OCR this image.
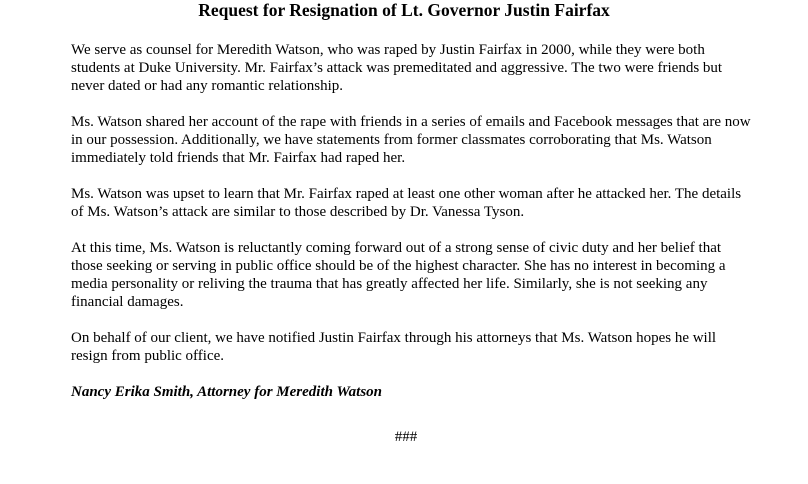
Request for Resignation of Lt. Governor Justin Fairfax

We serve as counsel for Meredith Watson, who was raped by Justin Fairfax in 2000, while they were both students at Duke University. Mr. Fairfax’s attack was premeditated and aggressive. The two were friends but never dated or had any romantic relationship.

Ms. Watson shared her account of the rape with friends in a series of emails and Facebook messages that are now in our possession. Additionally, we have statements from former classmates corroborating that Ms. Watson immediately told friends that Mr. Fairfax had raped her.

Ms. Watson was upset to learn that Mr. Fairfax raped at least one other woman after he attacked her. The details of Ms. Watson’s attack are similar to those described by Dr. Vanessa Tyson.

At this time, Ms. Watson is reluctantly coming forward out of a strong sense of civic duty and her belief that those seeking or serving in public office should be of the highest character. She has no interest in becoming a media personality or reliving the trauma that has greatly affected her life. Similarly, she is not seeking any financial damages.

On behalf of our client, we have notified Justin Fairfax through his attorneys that Ms. Watson hopes he will resign from public office.

Nancy Erika Smith, Attorney for Meredith Watson

###
